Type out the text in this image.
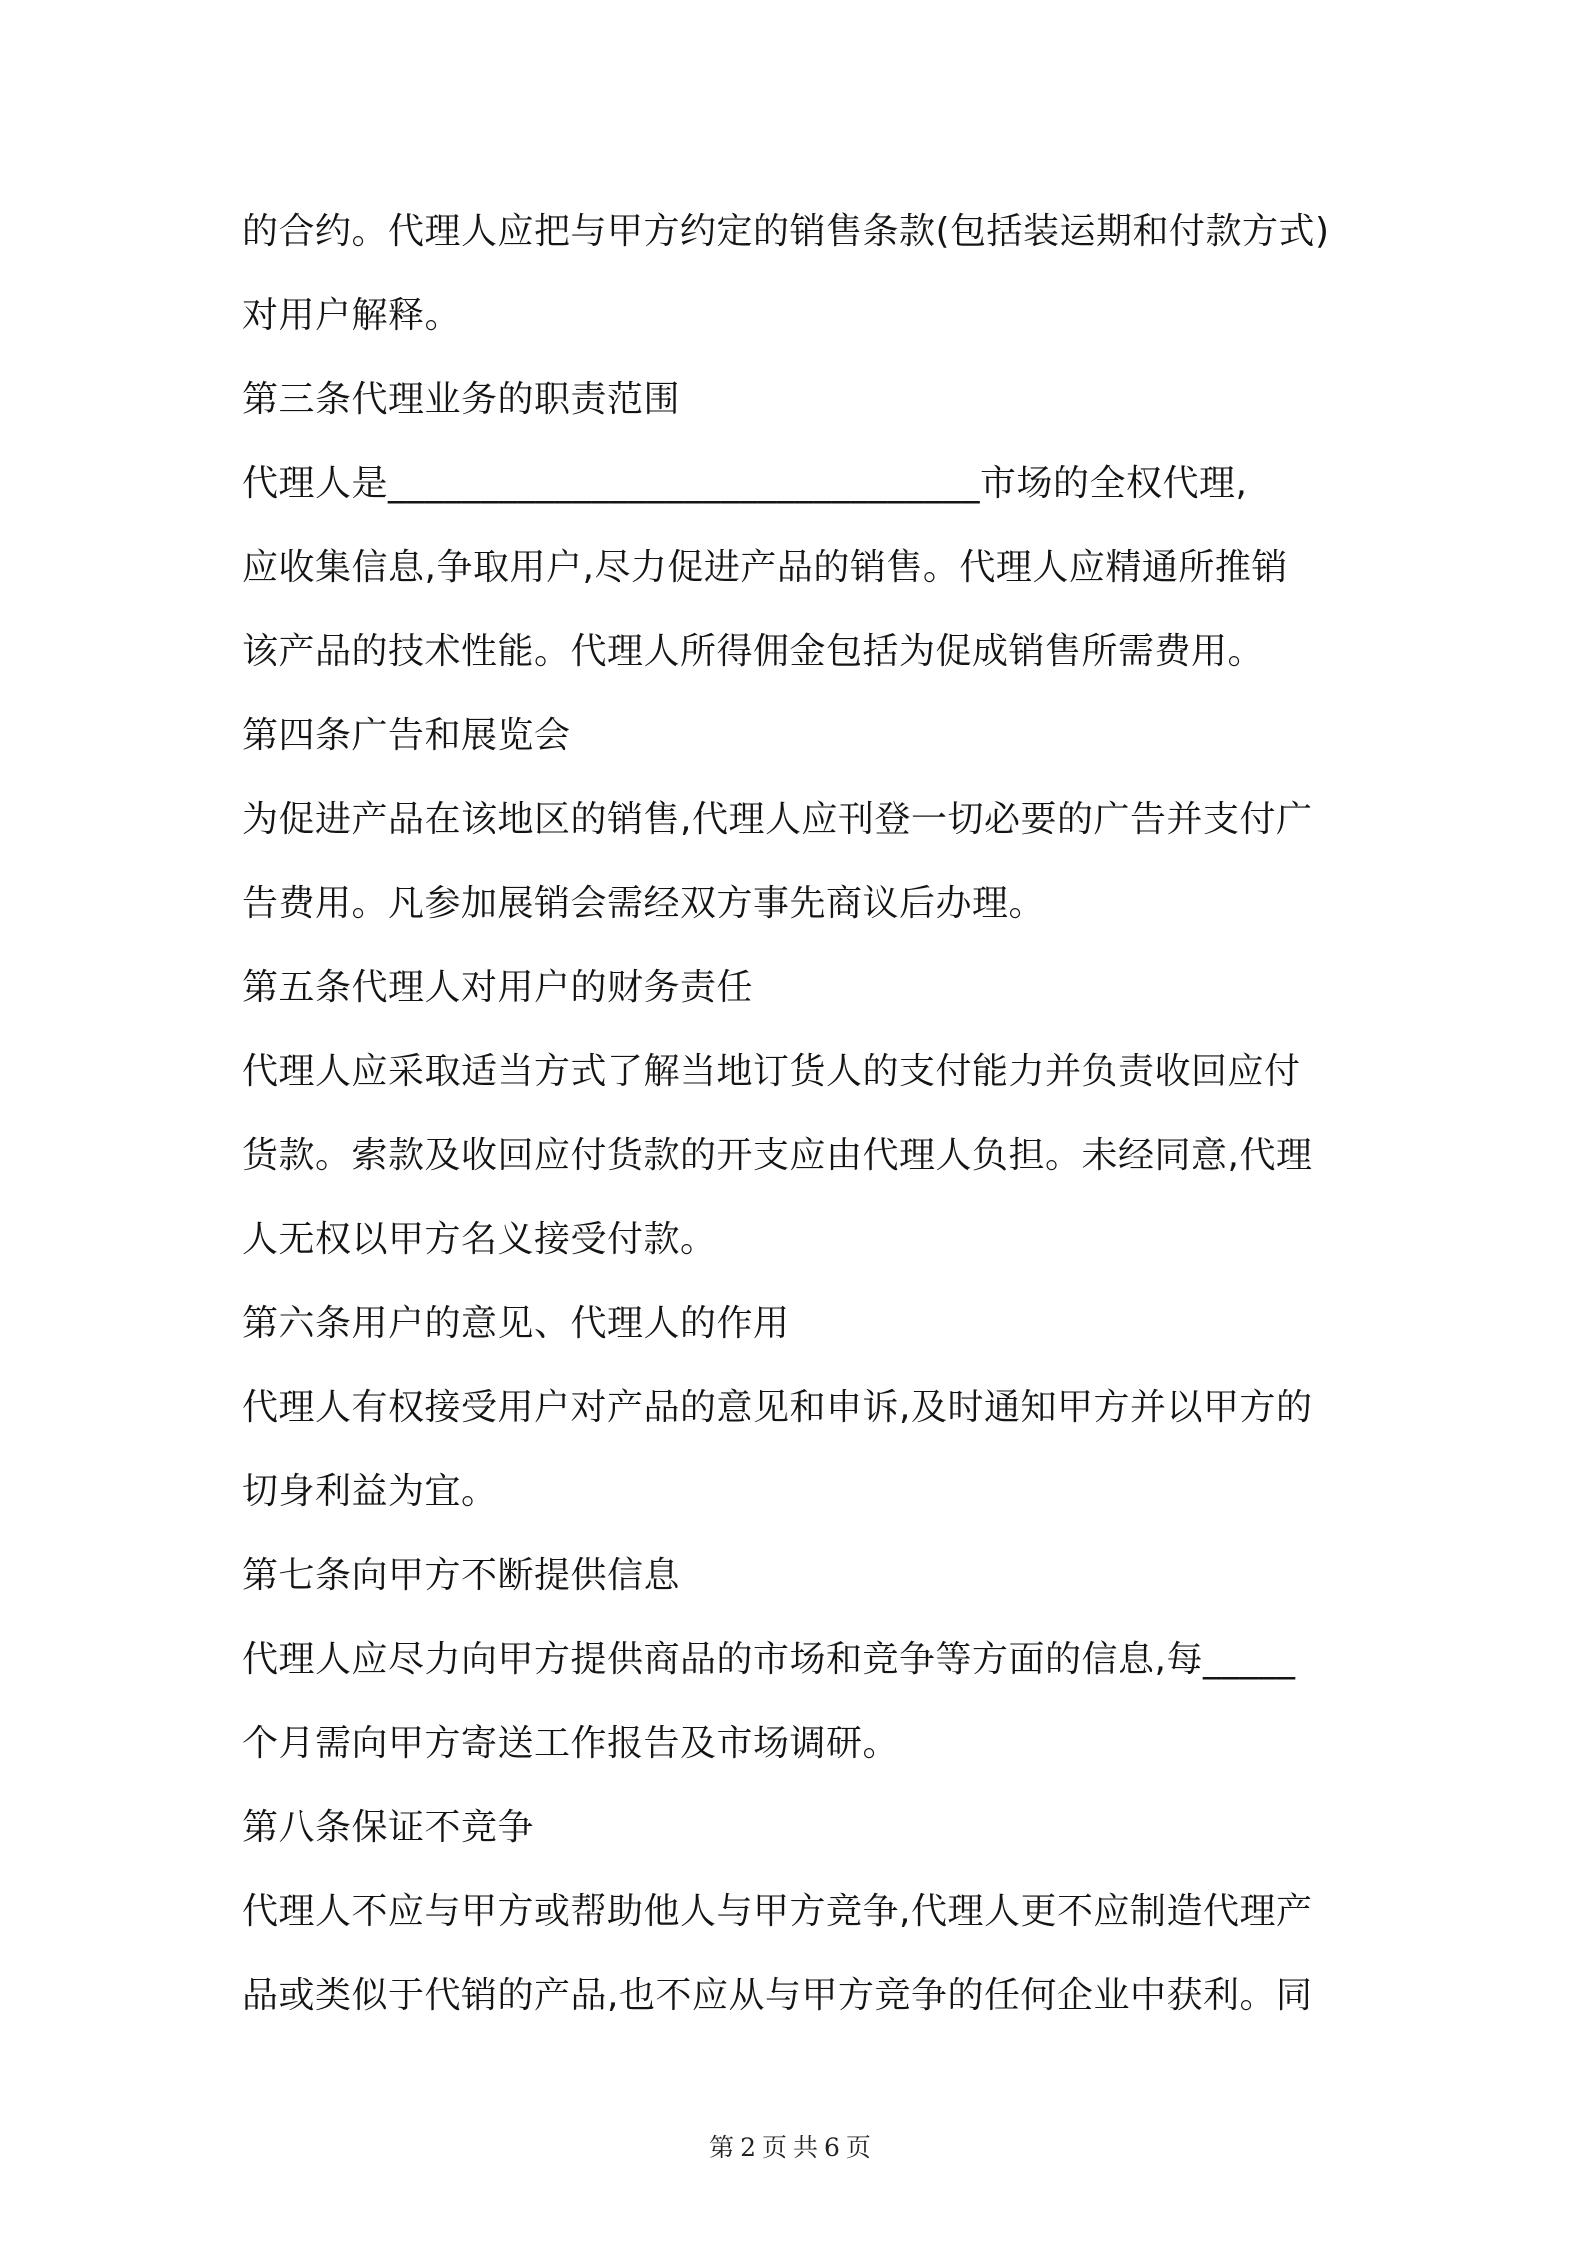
的合约。代理人应把与甲方约定的销售条款(包括装运期和付款方式)
对用户解释。
第三条代理业务的职责范围
代理人是________________________________市场的全权代理,
应收集信息,争取用户,尽力促进产品的销售。代理人应精通所推销
该产品的技术性能。代理人所得佣金包括为促成销售所需费用。
第四条广告和展览会
为促进产品在该地区的销售,代理人应刊登一切必要的广告并支付广
告费用。凡参加展销会需经双方事先商议后办理。
第五条代理人对用户的财务责任
代理人应采取适当方式了解当地订货人的支付能力并负责收回应付
货款。索款及收回应付货款的开支应由代理人负担。未经同意,代理
人无权以甲方名义接受付款。
第六条用户的意见、代理人的作用
代理人有权接受用户对产品的意见和申诉,及时通知甲方并以甲方的
切身利益为宜。
第七条向甲方不断提供信息
代理人应尽力向甲方提供商品的市场和竞争等方面的信息,每_____
个月需向甲方寄送工作报告及市场调研。
第八条保证不竞争
代理人不应与甲方或帮助他人与甲方竞争,代理人更不应制造代理产
品或类似于代销的产品,也不应从与甲方竞争的任何企业中获利。同
第2页共6页
